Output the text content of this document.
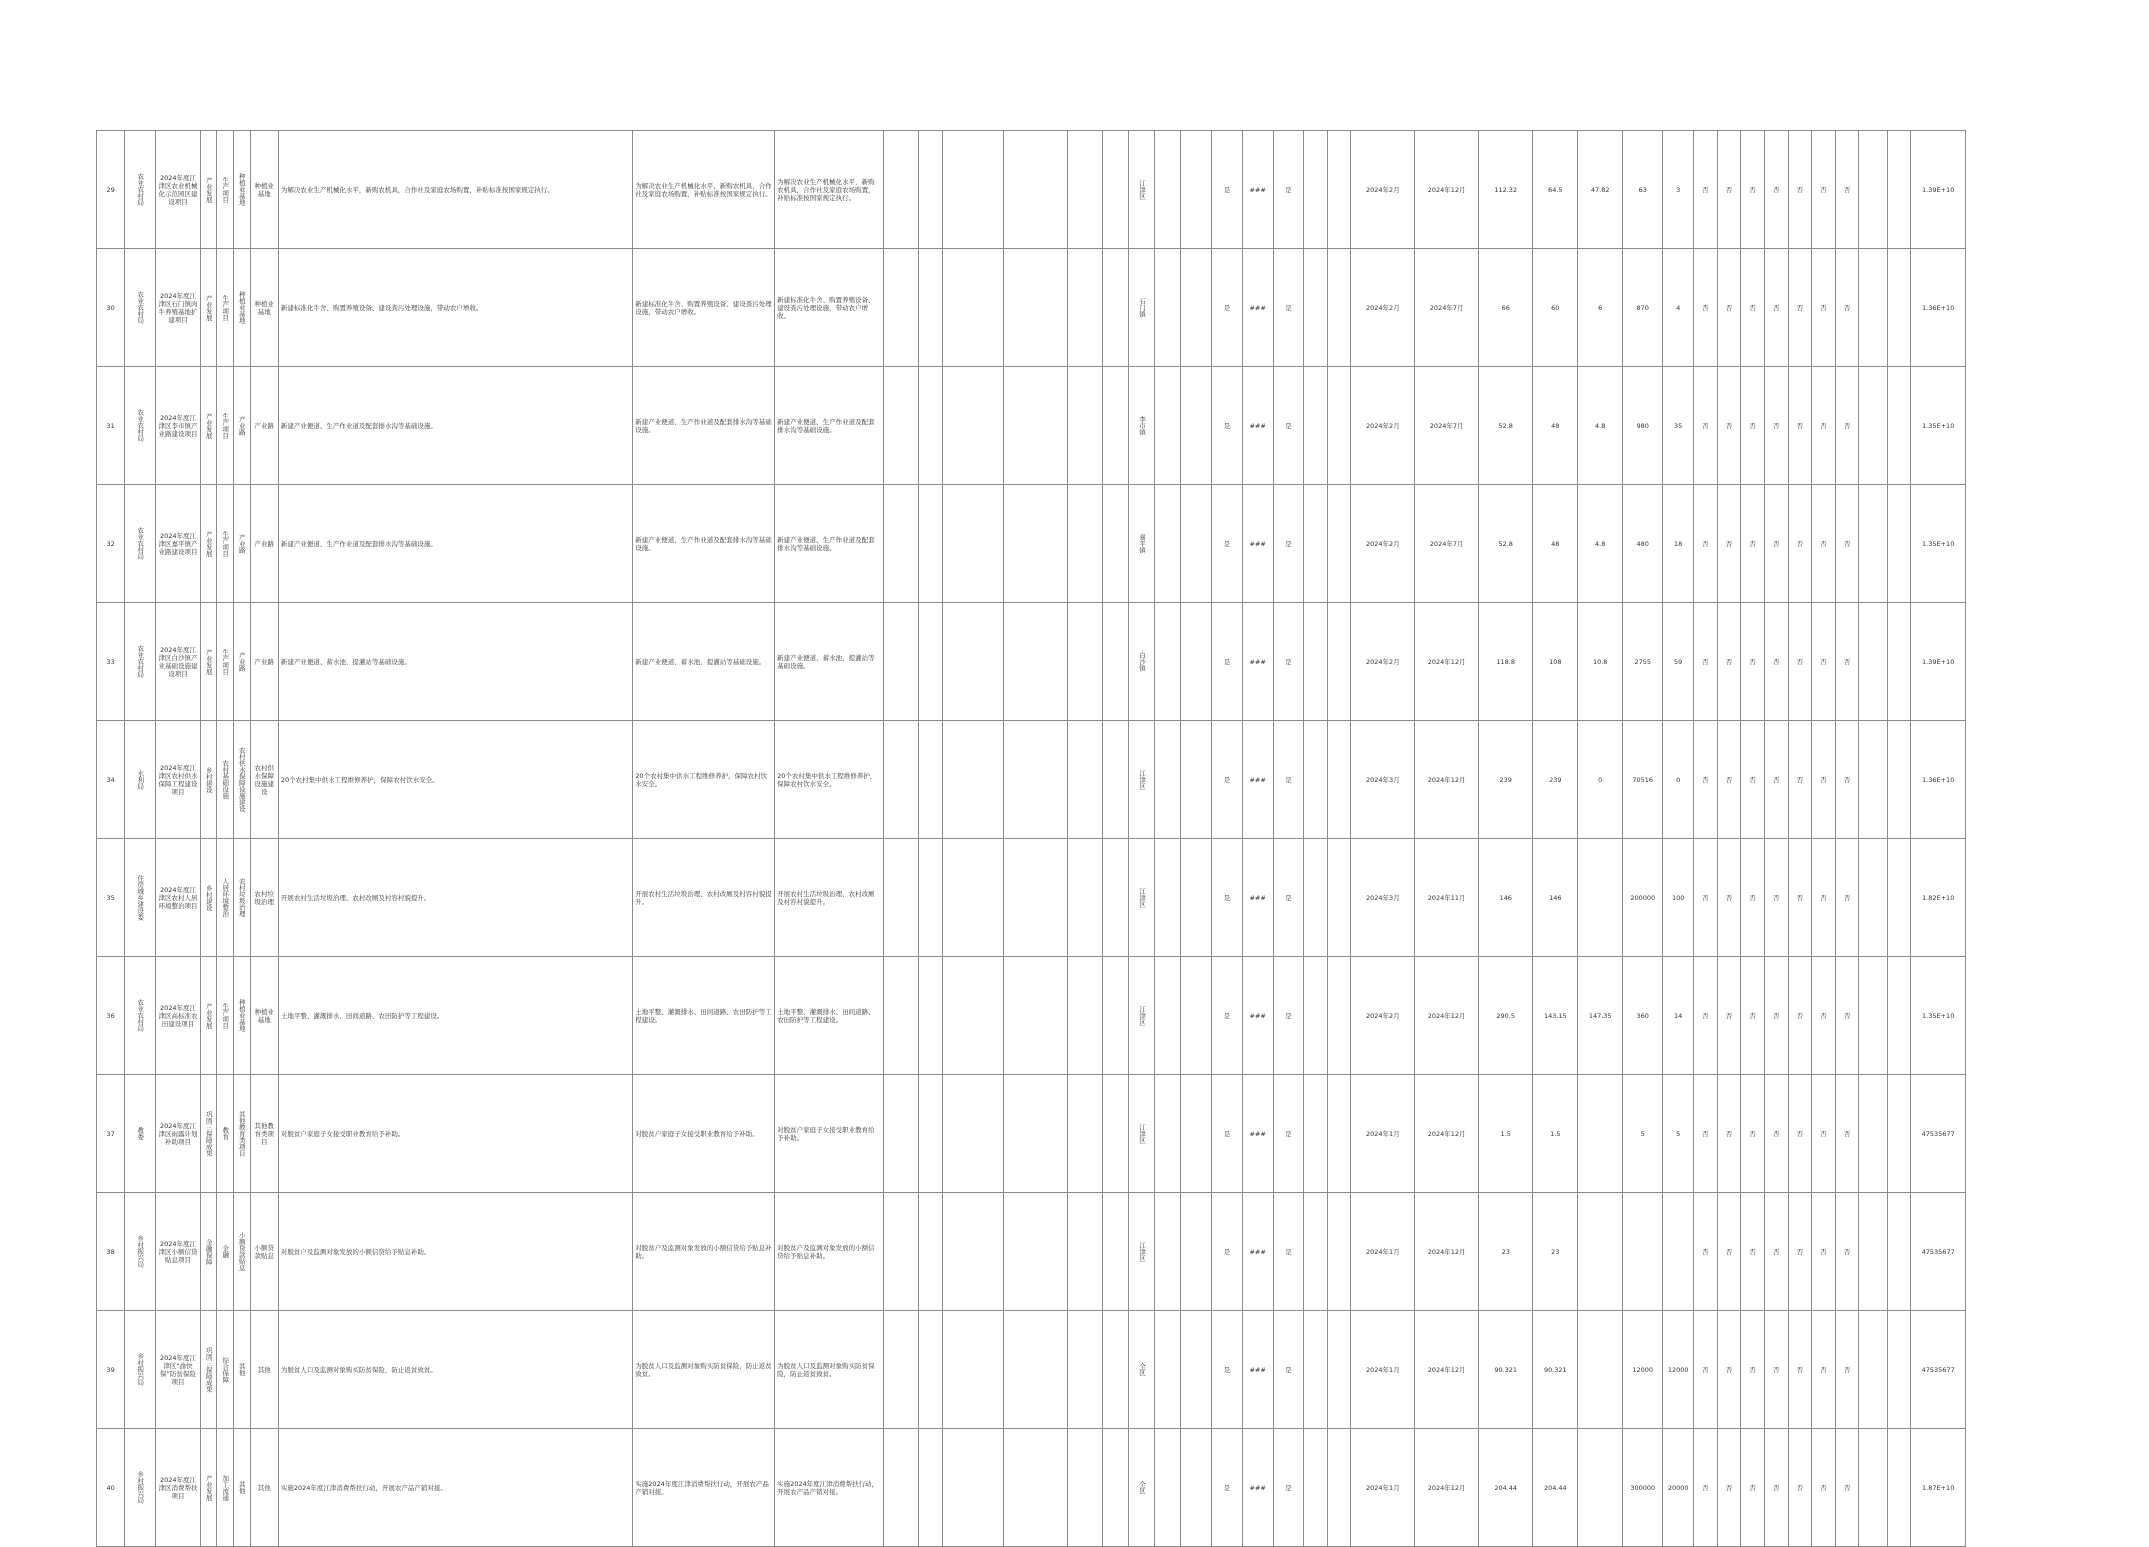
29	农业农村局	2024年度江津区农业机械化示范园区建设项目	产业发展	生产项目	种植业基地	种植业基地	为解决农业生产机械化水平，新购农机具，合作社及家庭农场购置，补贴标准按国家规定执行。	为解决农业生产机械化水平，新购农机具，合作社及家庭农场购置，补贴标准按国家规定执行。	为解决农业生产机械化水平，新购农机具，合作社及家庭农场购置，补贴标准按国家规定执行。							江津区			是	###	是			2024年2月	2024年12月	112.32	64.5	47.82	63	3	否	否	否	否	否	否	否			1.39E+10
30	农业农村局	2024年度江津区石门镇肉牛养殖基地扩建项目	产业发展	生产项目	种植业基地	种植业基地	新建标准化牛舍、购置养殖设备、建设粪污处理设施，带动农户增收。	新建标准化牛舍、购置养殖设备、建设粪污处理设施，带动农户增收。	新建标准化牛舍、购置养殖设备、建设粪污处理设施，带动农户增收。							石门镇			是	###	是			2024年2月	2024年7月	66	60	6	870	4	否	否	否	否	否	否	否			1.36E+10
31	农业农村局	2024年度江津区李市镇产业路建设项目	产业发展	生产项目	产业路	产业路	新建产业便道、生产作业道及配套排水沟等基础设施。	新建产业便道、生产作业道及配套排水沟等基础设施。	新建产业便道、生产作业道及配套排水沟等基础设施。							李市镇			是	###	是			2024年2月	2024年7月	52.8	48	4.8	980	35	否	否	否	否	否	否	否			1.35E+10
32	农业农村局	2024年度江津区嘉平镇产业路建设项目	产业发展	生产项目	产业路	产业路	新建产业便道、生产作业道及配套排水沟等基础设施。	新建产业便道、生产作业道及配套排水沟等基础设施。	新建产业便道、生产作业道及配套排水沟等基础设施。							嘉平镇			是	###	是			2024年2月	2024年7月	52.8	48	4.8	480	18	否	否	否	否	否	否	否			1.35E+10
33	农业农村局	2024年度江津区白沙镇产业基础设施建设项目	产业发展	生产项目	产业路	产业路	新建产业便道、蓄水池、提灌站等基础设施。	新建产业便道、蓄水池、提灌站等基础设施。	新建产业便道、蓄水池、提灌站等基础设施。							白沙镇			是	###	是			2024年2月	2024年12月	118.8	108	10.8	2755	59	否	否	否	否	否	否	否			1.39E+10
34	水利局	2024年度江津区农村供水保障工程建设项目	乡村建设	农村基础设施	农村供水保障设施建设	农村供水保障设施建设	20个农村集中供水工程维修养护，保障农村饮水安全。	20个农村集中供水工程维修养护，保障农村饮水安全。	20个农村集中供水工程维修养护，保障农村饮水安全。							江津区			是	###	是			2024年3月	2024年12月	239	239	0	70516	0	否	否	否	否	否	否	否			1.36E+10
35	住房城乡建设委	2024年度江津区农村人居环境整治项目	乡村建设	人居环境整治	农村垃圾治理	农村垃圾治理	开展农村生活垃圾治理、农村改厕及村容村貌提升。	开展农村生活垃圾治理、农村改厕及村容村貌提升。	开展农村生活垃圾治理、农村改厕及村容村貌提升。							江津区			是	###	是			2024年3月	2024年11月	146	146		200000	100	否	否	否	否	否	否	否			1.82E+10
36	农业农村局	2024年度江津区高标准农田建设项目	产业发展	生产项目	种植业基地	种植业基地	土地平整、灌溉排水、田间道路、农田防护等工程建设。	土地平整、灌溉排水、田间道路、农田防护等工程建设。	土地平整、灌溉排水、田间道路、农田防护等工程建设。							江津区			是	###	是			2024年2月	2024年12月	290.5	143.15	147.35	360	14	否	否	否	否	否	否	否			1.35E+10
37	教委	2024年度江津区雨露计划补助项目	巩固三保障成果	教育	其他教育类项目	其他教育类项目	对脱贫户家庭子女接受职业教育给予补助。	对脱贫户家庭子女接受职业教育给予补助。	对脱贫户家庭子女接受职业教育给予补助。							江津区			是	###	是			2024年1月	2024年12月	1.5	1.5		5	5	否	否	否	否	否	否	否			47535677
38	乡村振兴局	2024年度江津区小额信贷贴息项目	金融保障	金融	小额贷款贴息	小额贷款贴息	对脱贫户及监测对象发放的小额信贷给予贴息补助。	对脱贫户及监测对象发放的小额信贷给予贴息补助。	对脱贫户及监测对象发放的小额信贷给予贴息补助。							江津区			是	###	是			2024年1月	2024年12月	23	23				否	否	否	否	否	否	否			47535677
39	乡村振兴局	2024年度江津区“渝快保”防贫保险项目	巩固三保障成果	综合保障	其他	其他	为脱贫人口及监测对象购买防贫保险，防止返贫致贫。	为脱贫人口及监测对象购买防贫保险，防止返贫致贫。	为脱贫人口及监测对象购买防贫保险，防止返贫致贫。							全区			是	###	是			2024年1月	2024年12月	90.321	90.321		12000	12000	否	否	否	否	否	否	否			47535677
40	乡村振兴局	2024年度江津区消费帮扶项目	产业发展	加工流通	其他	其他	实施2024年度江津消费帮扶行动，开展农产品产销对接。	实施2024年度江津消费帮扶行动，开展农产品产销对接。	实施2024年度江津消费帮扶行动，开展农产品产销对接。							全区			是	###	是			2024年1月	2024年12月	204.44	204.44		300000	20000	否	否	否	否	否	否	否			1.87E+10
